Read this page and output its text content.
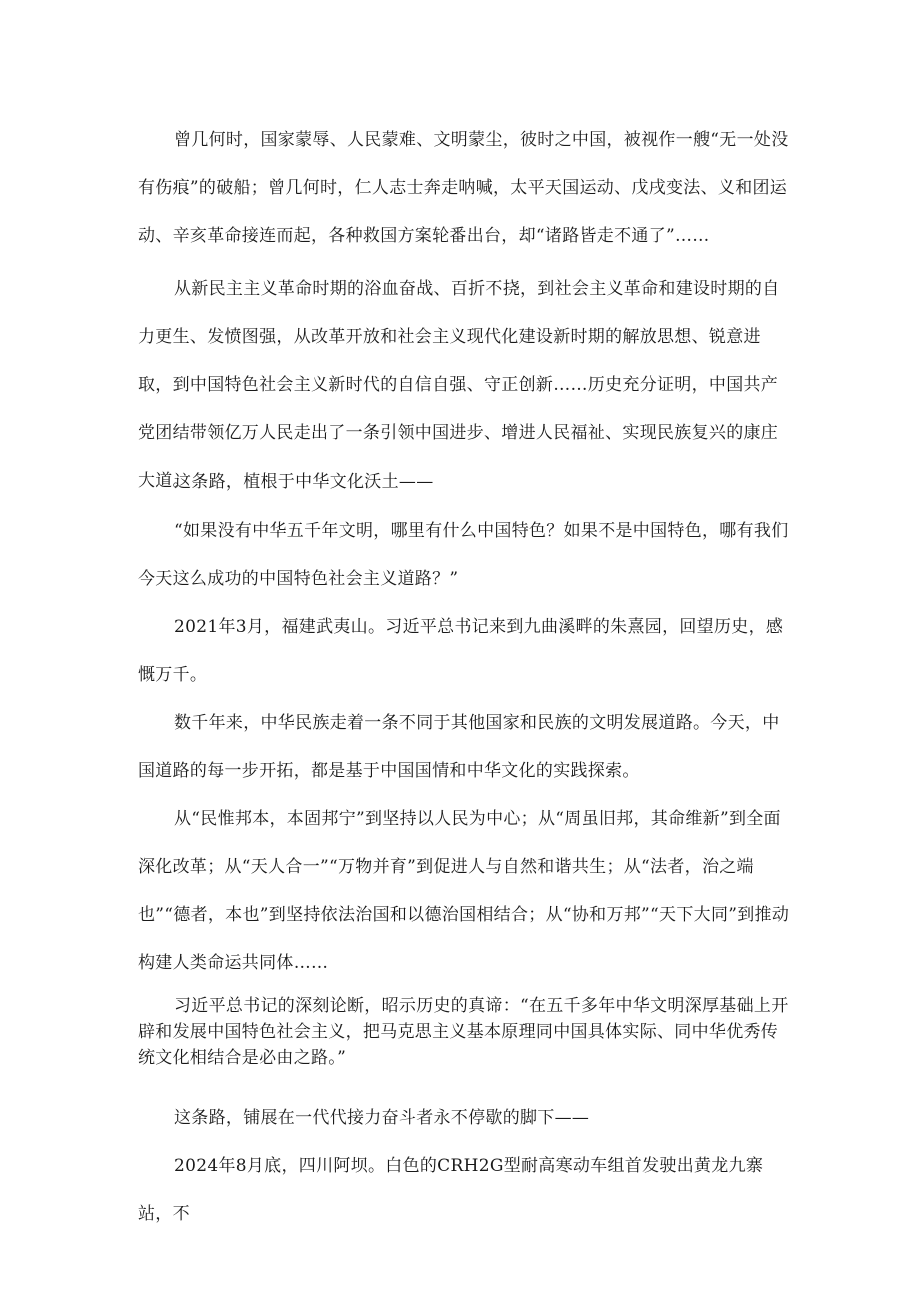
曾几何时，国家蒙辱、人民蒙难、文明蒙尘，彼时之中国，被视作一艘“无一处没有伤痕”的破船；曾几何时，仁人志士奔走呐喊，太平天国运动、戊戌变法、义和团运动、辛亥革命接连而起，各种救国方案轮番出台，却“诸路皆走不通了”……

从新民主主义革命时期的浴血奋战、百折不挠，到社会主义革命和建设时期的自力更生、发愤图强，从改革开放和社会主义现代化建设新时期的解放思想、锐意进取，到中国特色社会主义新时代的自信自强、守正创新……历史充分证明，中国共产党团结带领亿万人民走出了一条引领中国进步、增进人民福祉、实现民族复兴的康庄大道。

这条路，植根于中华文化沃土——

“如果没有中华五千年文明，哪里有什么中国特色？如果不是中国特色，哪有我们今天这么成功的中国特色社会主义道路？”

2021年3月，福建武夷山。习近平总书记来到九曲溪畔的朱熹园，回望历史，感慨万千。

数千年来，中华民族走着一条不同于其他国家和民族的文明发展道路。今天，中国道路的每一步开拓，都是基于中国国情和中华文化的实践探索。

从“民惟邦本，本固邦宁”到坚持以人民为中心；从“周虽旧邦，其命维新”到全面深化改革；从“天人合一”“万物并育”到促进人与自然和谐共生；从“法者，治之端也”“德者，本也”到坚持依法治国和以德治国相结合；从“协和万邦”“天下大同”到推动构建人类命运共同体……

习近平总书记的深刻论断，昭示历史的真谛：“在五千多年中华文明深厚基础上开辟和发展中国特色社会主义，把马克思主义基本原理同中国具体实际、同中华优秀传统文化相结合是必由之路。”

这条路，铺展在一代代接力奋斗者永不停歇的脚下——

2024年8月底，四川阿坝。白色的CRH2G型耐高寒动车组首发驶出黄龙九寨站，不
